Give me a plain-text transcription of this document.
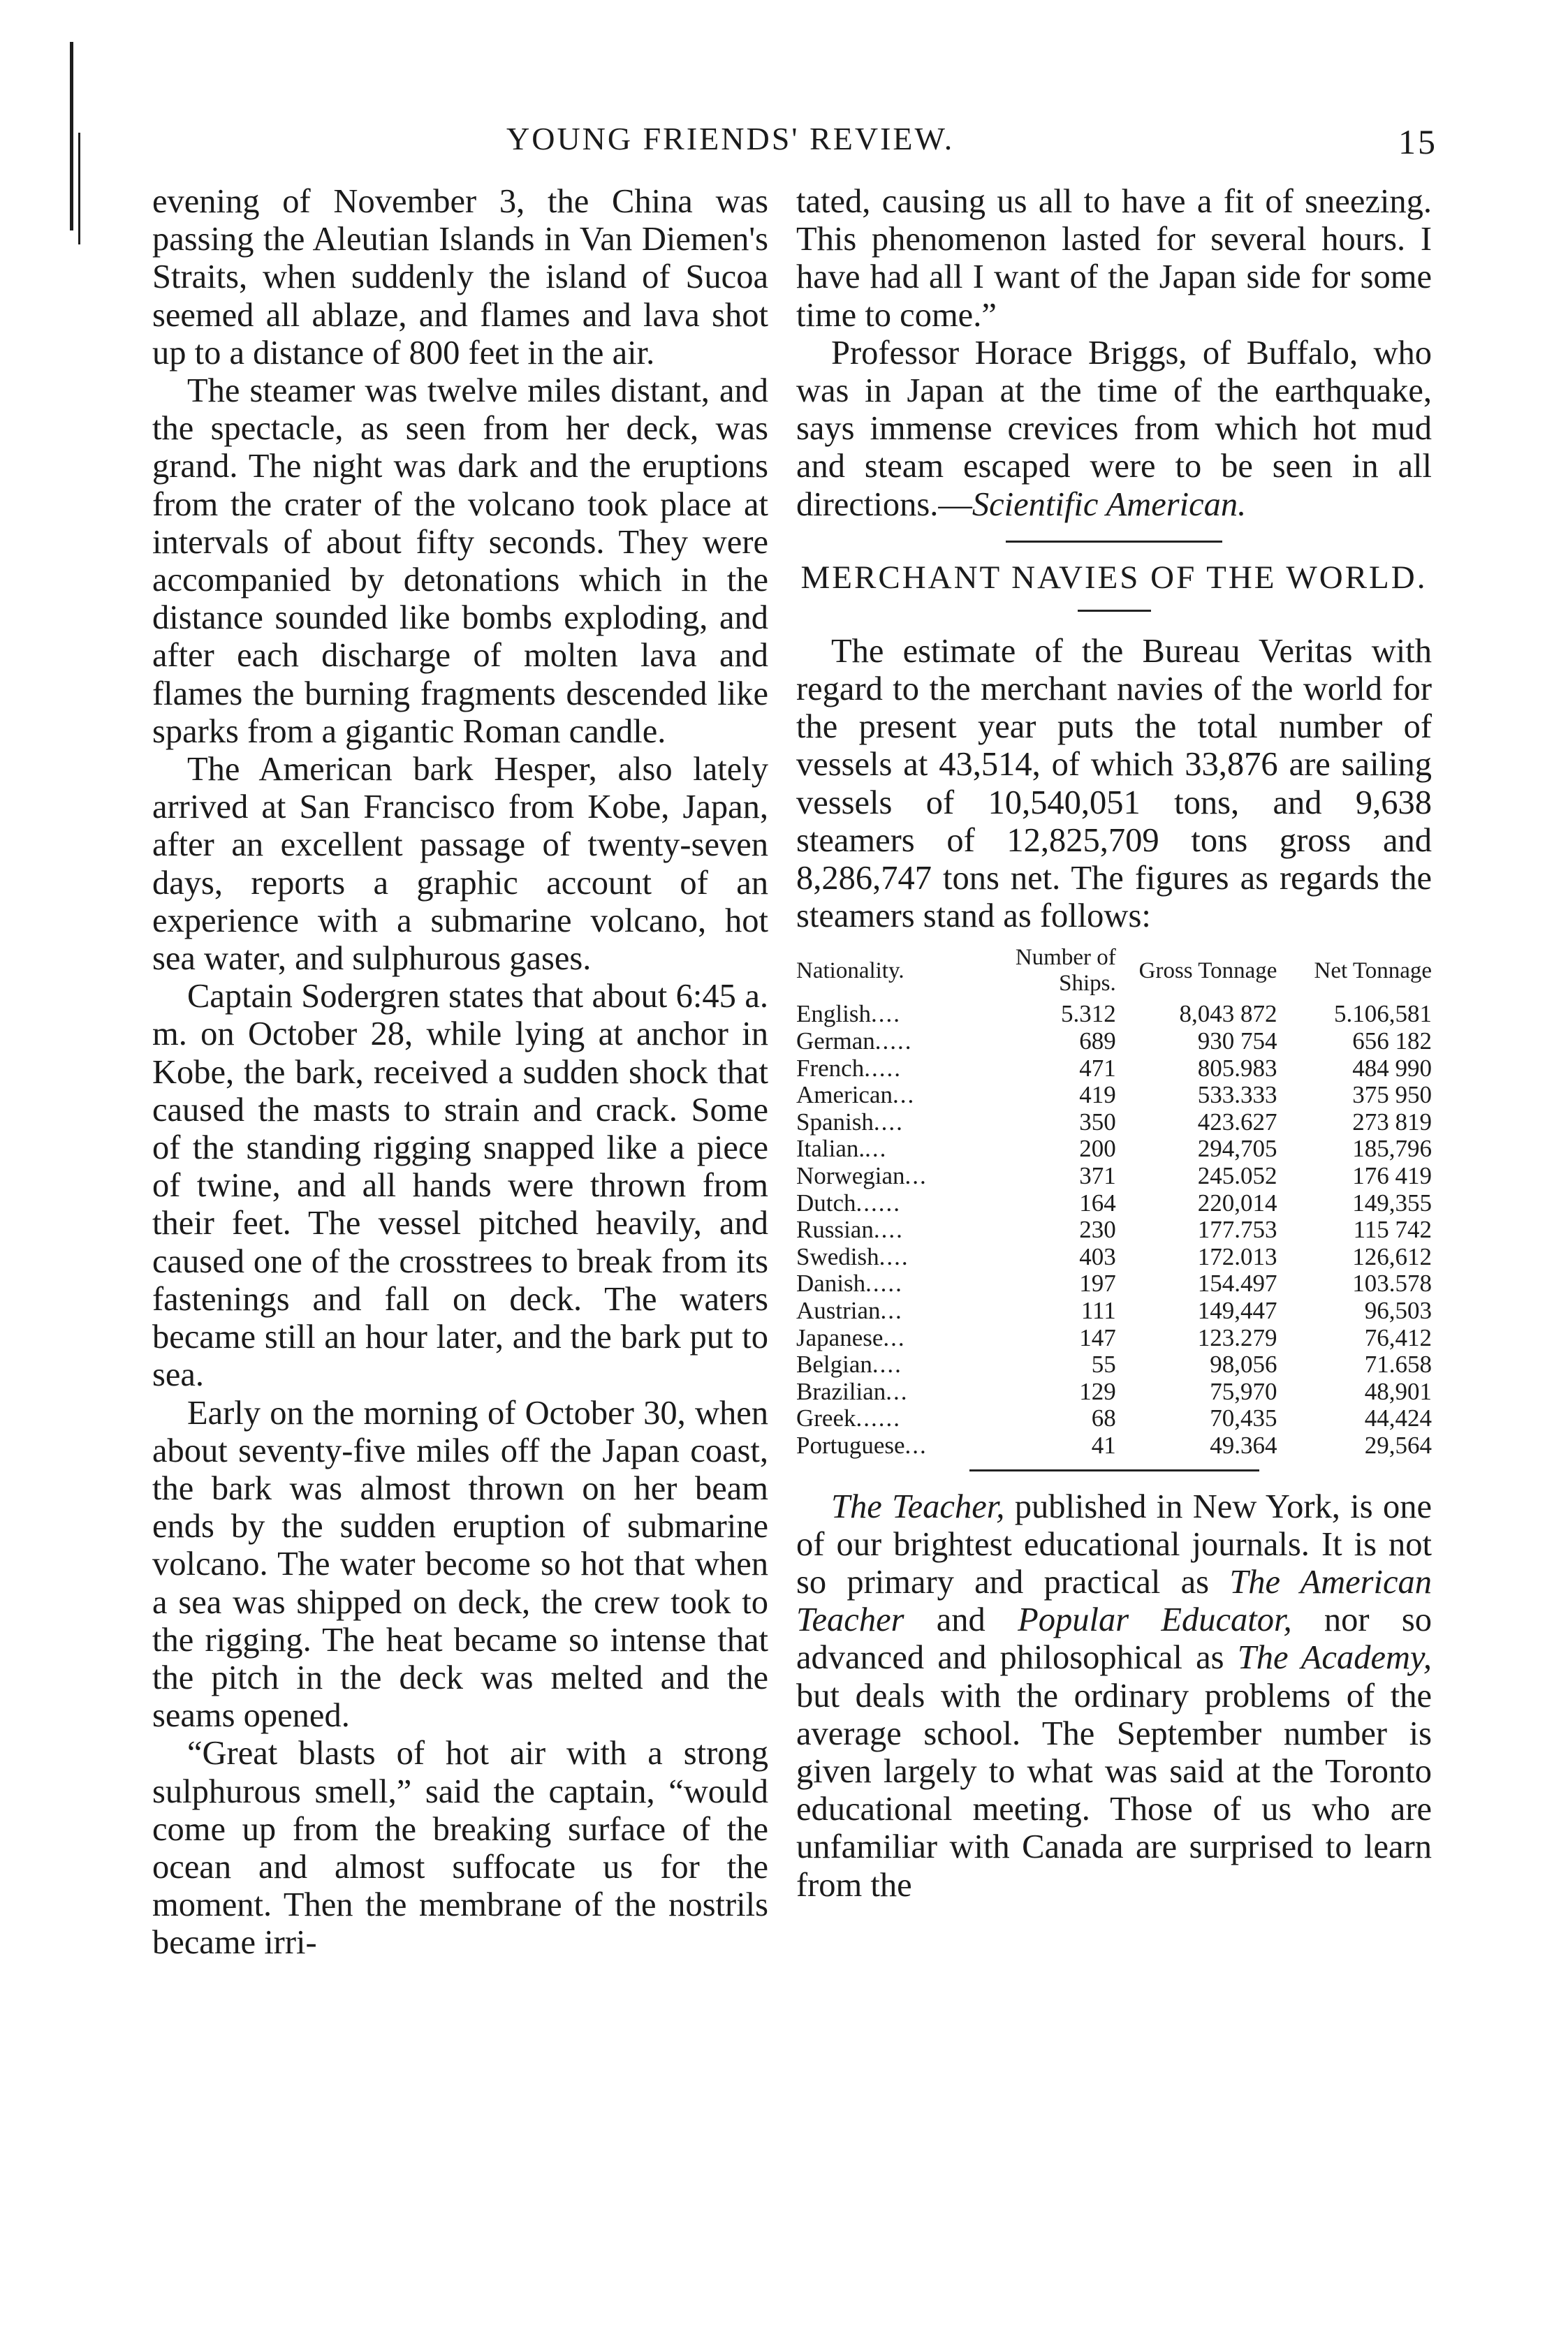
YOUNG FRIENDS' REVIEW.	15

evening of November 3, the China was passing the Aleutian Islands in Van Diemen's Straits, when suddenly the island of Sucoa seemed all ablaze, and flames and lava shot up to a distance of 800 feet in the air.

The steamer was twelve miles distant, and the spectacle, as seen from her deck, was grand. The night was dark and the eruptions from the crater of the volcano took place at intervals of about fifty seconds. They were accompanied by detonations which in the distance sounded like bombs exploding, and after each discharge of molten lava and flames the burning fragments descended like sparks from a gigantic Roman candle.

The American bark Hesper, also lately arrived at San Francisco from Kobe, Japan, after an excellent passage of twenty-seven days, reports a graphic account of an experience with a submarine volcano, hot sea water, and sulphurous gases.

Captain Sodergren states that about 6:45 a. m. on October 28, while lying at anchor in Kobe, the bark, received a sudden shock that caused the masts to strain and crack. Some of the standing rigging snapped like a piece of twine, and all hands were thrown from their feet. The vessel pitched heavily, and caused one of the crosstrees to break from its fastenings and fall on deck. The waters became still an hour later, and the bark put to sea.

Early on the morning of October 30, when about seventy-five miles off the Japan coast, the bark was almost thrown on her beam ends by the sudden eruption of submarine volcano. The water become so hot that when a sea was shipped on deck, the crew took to the rigging. The heat became so intense that the pitch in the deck was melted and the seams opened.

“Great blasts of hot air with a strong sulphurous smell,” said the captain, “would come up from the breaking surface of the ocean and almost suffocate us for the moment. Then the membrane of the nostrils became irri-

tated, causing us all to have a fit of sneezing. This phenomenon lasted for several hours. I have had all I want of the Japan side for some time to come.”

Professor Horace Briggs, of Buffalo, who was in Japan at the time of the earthquake, says immense crevices from which hot mud and steam escaped were to be seen in all directions.—Scientific American.

MERCHANT NAVIES OF THE WORLD.

The estimate of the Bureau Veritas with regard to the merchant navies of the world for the present year puts the total number of vessels at 43,514, of which 33,876 are sailing vessels of 10,540,051 tons, and 9,638 steamers of 12,825,709 tons gross and 8,286,747 tons net. The figures as regards the steamers stand as follows:

Nationality.	Number of Ships.	Gross Tonnage	Net Tonnage
English....	5.312	8,043 872	5.106,581
German.....	689	930 754	656 182
French.....	471	805.983	484 990
American...	419	533.333	375 950
Spanish....	350	423.627	273 819
Italian....	200	294,705	185,796
Norwegian...	371	245.052	176 419
Dutch......	164	220,014	149,355
Russian....	230	177.753	115 742
Swedish....	403	172.013	126,612
Danish.....	197	154.497	103.578
Austrian...	111	149,447	96,503
Japanese...	147	123.279	76,412
Belgian....	55	98,056	71.658
Brazilian...	129	75,970	48,901
Greek......	68	70,435	44,424
Portuguese...	41	49.364	29,564

The Teacher, published in New York, is one of our brightest educational journals. It is not so primary and practical as The American Teacher and Popular Educator, nor so advanced and philosophical as The Academy, but deals with the ordinary problems of the average school. The September number is given largely to what was said at the Toronto educational meeting. Those of us who are unfamiliar with Canada are surprised to learn from the
